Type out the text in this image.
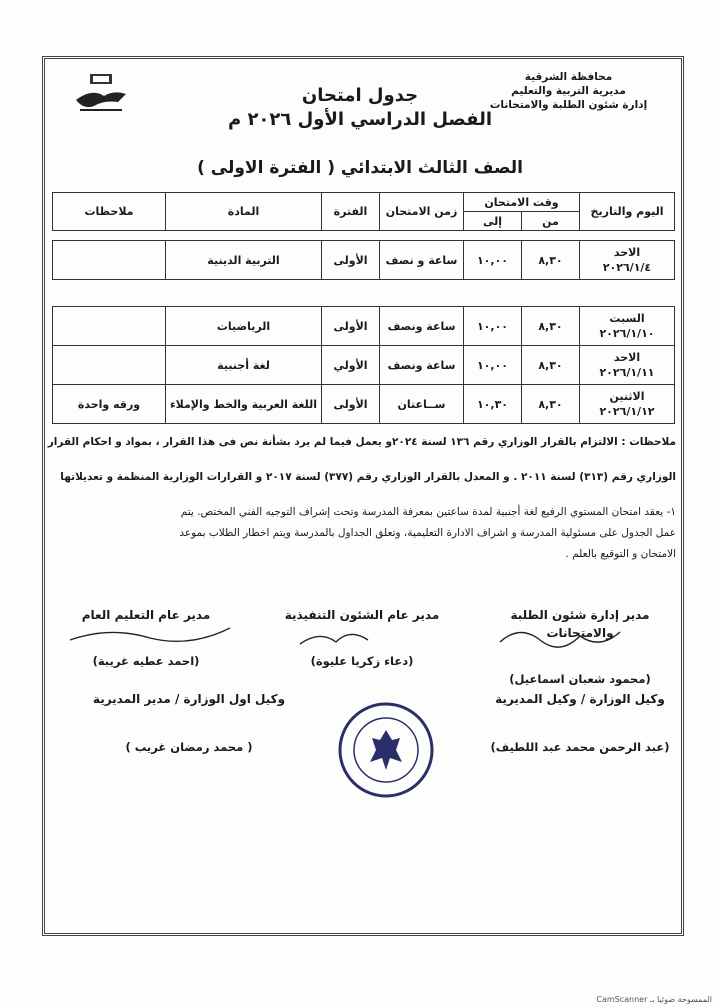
محافظة الشرقية
مديرية التربية والتعليم
إدارة شئون الطلبة والامتحانات
جدول امتحان
الفصل الدراسي الأول ٢٠٢٦ م
الصف الثالث الابتدائي ( الفترة الاولى )
اليوم والتاريخ	وقت الامتحان		زمن الامتحان	الفترة	المادة	ملاحظات
	من	إلى				
الاحد
٢٠٢٦/١/٤
	٨,٣٠	١٠,٠٠	ساعة و نصف	الأولى	التربية الدينية	
السبت
٢٠٢٦/١/١٠	٨,٣٠	١٠,٠٠	ساعة ونصف	الأولى	الرياضيات	

الاحد
٢٠٢٦/١/١١	٨,٣٠	١٠,٠٠	ساعة ونصف	الأولي	لغة أجنبية	

الاثنين
٢٠٢٦/١/١٢	٨,٣٠	١٠,٣٠	ســاعتان	الأولى	اللغة العربية والخط والإملاء	ورقه واحدة
ملاحظات : الالتزام بالقرار الوزاري رقم ١٣٦ لسنة ٢٠٢٤و يعمل فيما لم يرد بشأنة نص فى هذا القرار ، بمواد و احكام القرار
الوزاري رقم (٣١٣) لسنة ٢٠١١ . و المعدل بالقرار الوزاري رقم (٣٧٧) لسنة ٢٠١٧ و القرارات الوزارية المنظمة و تعديلاتها
١- يعقد امتحان المستوي الرفيع لغة أجنبية لمدة ساعتين بمعرفة المدرسة وتحت إشراف التوجيه الفني المختص. يتم
عمل الجدول على مسئولية المدرسة و اشراف الادارة التعليمية، وتعلق الجداول بالمدرسة ويتم اخطار الطلاب بموعد
الامتحان و التوقيع بالعلم .
مدير إدارة شئون الطلبة والامتحانات
(محمود شعبان اسماعيل)
مدير عام الشئون التنفيذية
(دعاء زكريا عليوة)
مدير عام التعليم العام
(احمد عطيه غريبة)
وكيل الوزارة / وكيل المديرية
(عبد الرحمن محمد عبد اللطيف)
وكيل اول الوزارة / مدير المديرية
( محمد رمضان غريب )
CamScanner الممسوحة ضوئيا بـ
